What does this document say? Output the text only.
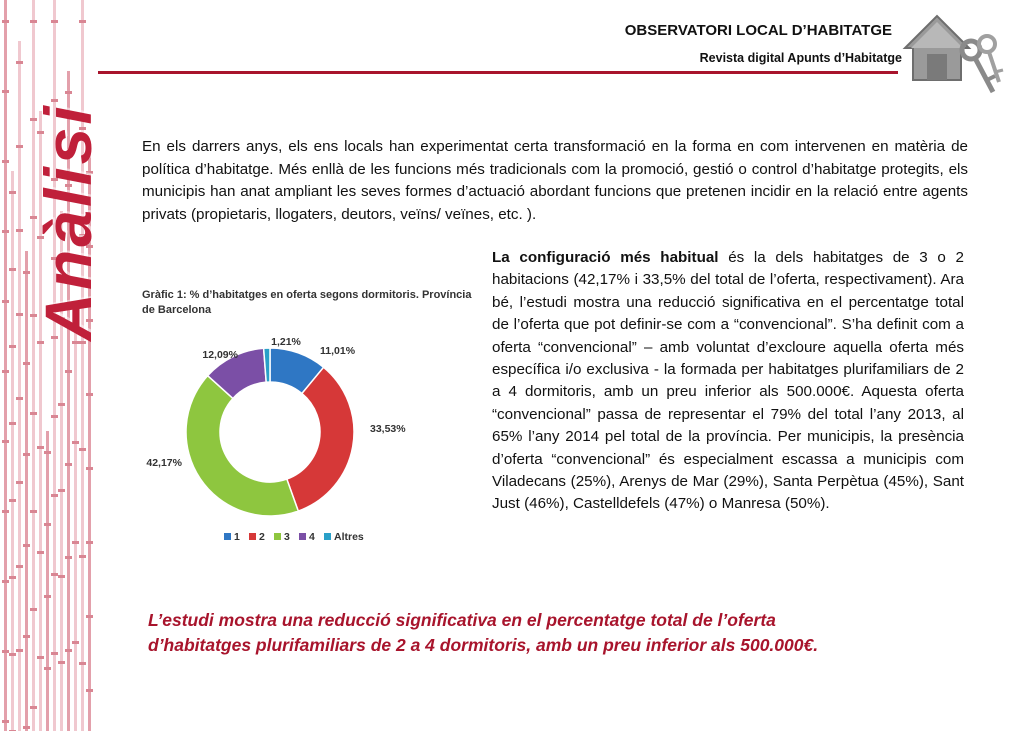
Anàlisi
OBSERVATORI LOCAL D’HABITATGE
Revista digital Apunts d’Habitatge
En els darrers anys, els ens locals han experimentat certa transformació en la forma en com intervenen en matèria de política d’habitatge. Més enllà de les funcions més tradicionals com la promoció, gestió o control d’habitatge protegits, els municipis han anat ampliant les seves formes d’actuació abordant funcions que pretenen incidir en la relació entre agents privats (propietaris, llogaters, deutors, veïns/ veïnes, etc. ).
La configuració més habitual és la dels habitatges de 3 o 2 habitacions (42,17% i 33,5% del total de l’oferta, respectivament). Ara bé, l’estudi mostra una reducció significativa en el percentatge total de l’oferta que pot definir-se com a “convencional”. S’ha definit com a oferta “convencional” – amb voluntat d’excloure aquella oferta més específica i/o exclusiva - la formada per habitatges plurifamiliars de 2 a 4 dormitoris, amb un preu inferior als 500.000€. Aquesta oferta “convencional” passa de representar el 79% del total l’any 2013, al 65% l’any 2014 pel total de la província. Per municipis, la presència d’oferta “convencional” és especialment escassa a municipis com Viladecans (25%), Arenys de Mar (29%), Santa Perpètua (45%), Sant Just (46%), Castelldefels (47%) o Manresa (50%).
Gràfic 1: % d’habitatges en oferta segons dormitoris. Província de Barcelona
11,01%
33,53%
42,17%
12,09%
1,21%
1 2 3 4 Altres
L’estudi mostra una reducció significativa en el percentatge total de l’oferta d’habitatges plurifamiliars de 2 a 4 dormitoris, amb un preu inferior als 500.000€.
